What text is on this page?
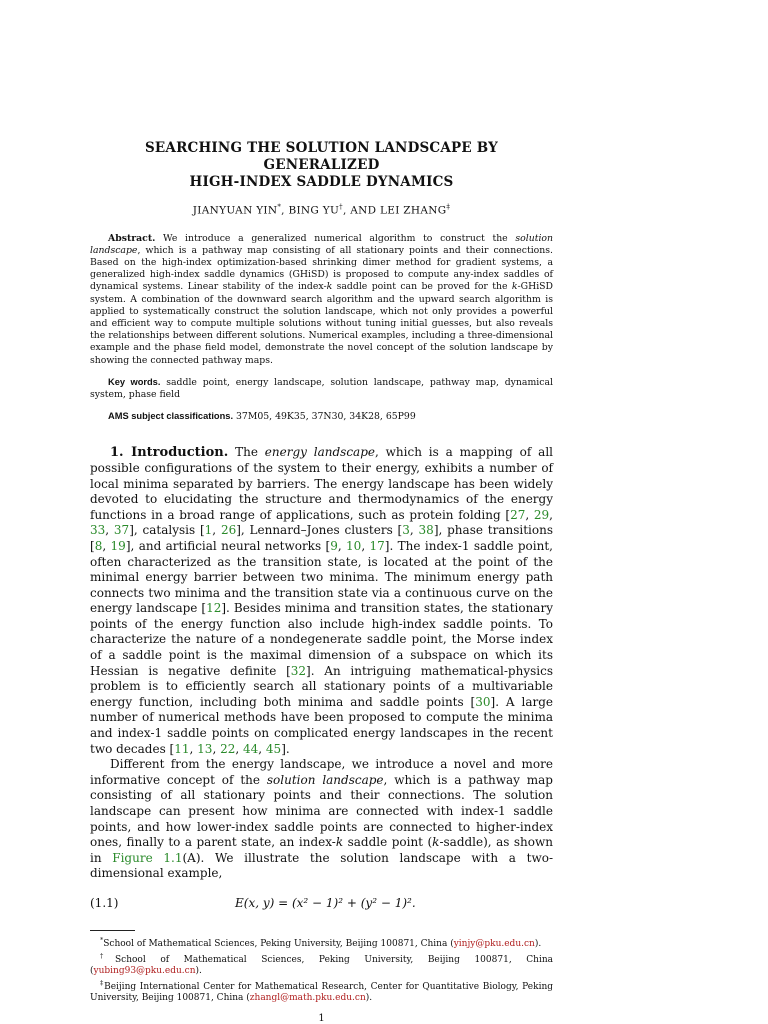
SEARCHING THE SOLUTION LANDSCAPE BY GENERALIZED
HIGH-INDEX SADDLE DYNAMICS
JIANYUAN YIN*, BING YU†, AND LEI ZHANG‡

Abstract. We introduce a generalized numerical algorithm to construct the solution landscape, which is a pathway map consisting of all stationary points and their connections. Based on the high-index optimization-based shrinking dimer method for gradient systems, a generalized high-index saddle dynamics (GHiSD) is proposed to compute any-index saddles of dynamical systems. Linear stability of the index-k saddle point can be proved for the k-GHiSD system. A combination of the downward search algorithm and the upward search algorithm is applied to systematically construct the solution landscape, which not only provides a powerful and efficient way to compute multiple solutions without tuning initial guesses, but also reveals the relationships between different solutions. Numerical examples, including a three-dimensional example and the phase field model, demonstrate the novel concept of the solution landscape by showing the connected pathway maps.

Key words. saddle point, energy landscape, solution landscape, pathway map, dynamical system, phase field

AMS subject classifications. 37M05, 49K35, 37N30, 34K28, 65P99

1. Introduction. The energy landscape, which is a mapping of all possible configurations of the system to their energy, exhibits a number of local minima separated by barriers. The energy landscape has been widely devoted to elucidating the structure and thermodynamics of the energy functions in a broad range of applications, such as protein folding [27, 29, 33, 37], catalysis [1, 26], Lennard–Jones clusters [3, 38], phase transitions [8, 19], and artificial neural networks [9, 10, 17]. The index-1 saddle point, often characterized as the transition state, is located at the point of the minimal energy barrier between two minima. The minimum energy path connects two minima and the transition state via a continuous curve on the energy landscape [12]. Besides minima and transition states, the stationary points of the energy function also include high-index saddle points. To characterize the nature of a nondegenerate saddle point, the Morse index of a saddle point is the maximal dimension of a subspace on which its Hessian is negative definite [32]. An intriguing mathematical-physics problem is to efficiently search all stationary points of a multivariable energy function, including both minima and saddle points [30]. A large number of numerical methods have been proposed to compute the minima and index-1 saddle points on complicated energy landscapes in the recent two decades [11, 13, 22, 44, 45].

Different from the energy landscape, we introduce a novel and more informative concept of the solution landscape, which is a pathway map consisting of all stationary points and their connections. The solution landscape can present how minima are connected with index-1 saddle points, and how lower-index saddle points are connected to higher-index ones, finally to a parent state, an index-k saddle point (k-saddle), as shown in Figure 1.1(A). We illustrate the solution landscape with a two-dimensional example,

(1.1)	E(x, y) = (x² − 1)² + (y² − 1)².

*School of Mathematical Sciences, Peking University, Beijing 100871, China (yinjy@pku.edu.cn).

†School of Mathematical Sciences, Peking University, Beijing 100871, China (yubing93@pku.edu.cn).

‡Beijing International Center for Mathematical Research, Center for Quantitative Biology, Peking University, Beijing 100871, China (zhangl@math.pku.edu.cn).

1
